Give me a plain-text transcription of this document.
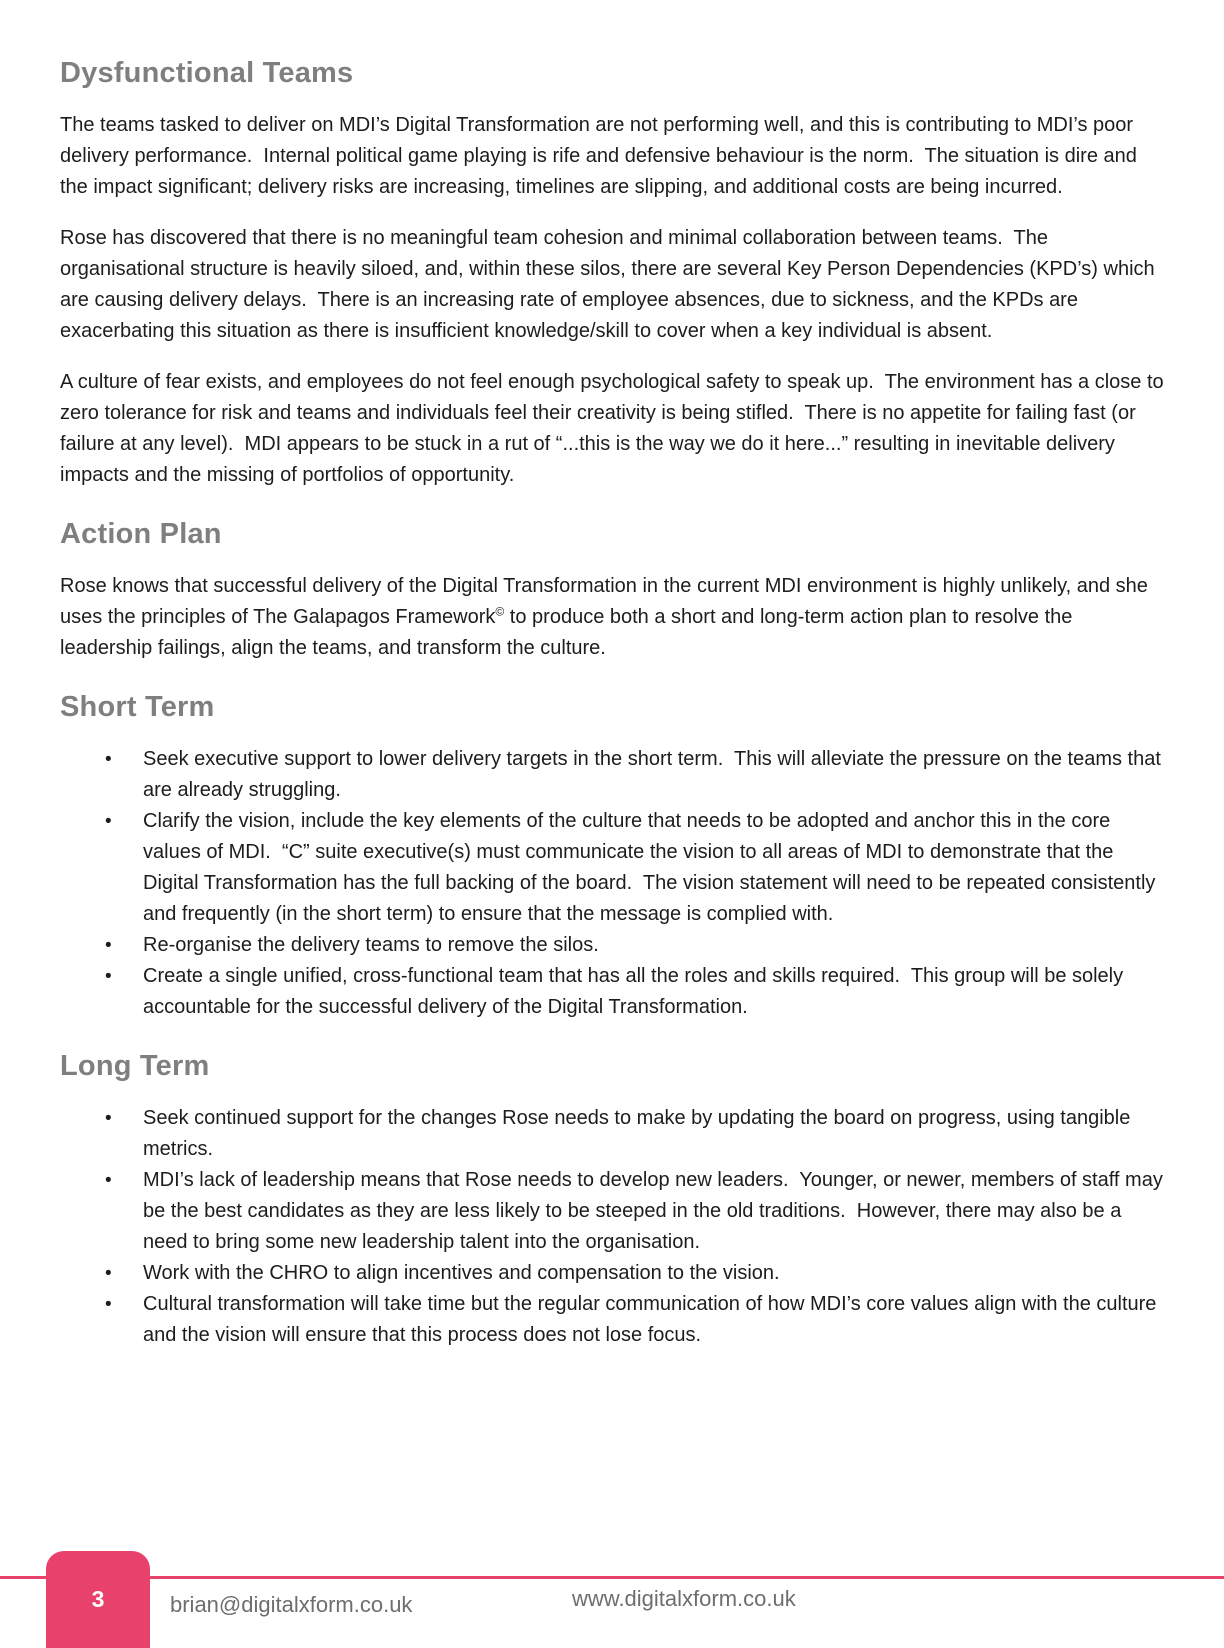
Dysfunctional Teams

The teams tasked to deliver on MDI’s Digital Transformation are not performing well, and this is contributing to MDI’s poor delivery performance.  Internal political game playing is rife and defensive behaviour is the norm.  The situation is dire and the impact significant; delivery risks are increasing, timelines are slipping, and additional costs are being incurred.

Rose has discovered that there is no meaningful team cohesion and minimal collaboration between teams.  The organisational structure is heavily siloed, and, within these silos, there are several Key Person Dependencies (KPD’s) which are causing delivery delays.  There is an increasing rate of employee absences, due to sickness, and the KPDs are exacerbating this situation as there is insufficient knowledge/skill to cover when a key individual is absent.

A culture of fear exists, and employees do not feel enough psychological safety to speak up.  The environment has a close to zero tolerance for risk and teams and individuals feel their creativity is being stifled.  There is no appetite for failing fast (or failure at any level).  MDI appears to be stuck in a rut of “...this is the way we do it here...” resulting in inevitable delivery impacts and the missing of portfolios of opportunity.

Action Plan

Rose knows that successful delivery of the Digital Transformation in the current MDI environment is highly unlikely, and she uses the principles of The Galapagos Framework© to produce both a short and long-term action plan to resolve the leadership failings, align the teams, and transform the culture.

Short Term
•	Seek executive support to lower delivery targets in the short term.  This will alleviate the pressure on the teams that are already struggling.
•	Clarify the vision, include the key elements of the culture that needs to be adopted and anchor this in the core values of MDI.  “C” suite executive(s) must communicate the vision to all areas of MDI to demonstrate that the Digital Transformation has the full backing of the board.  The vision statement will need to be repeated consistently and frequently (in the short term) to ensure that the message is complied with.
•	Re-organise the delivery teams to remove the silos.
•	Create a single unified, cross-functional team that has all the roles and skills required.  This group will be solely accountable for the successful delivery of the Digital Transformation.
Long Term
•	Seek continued support for the changes Rose needs to make by updating the board on progress, using tangible metrics.
•	MDI’s lack of leadership means that Rose needs to develop new leaders.  Younger, or newer, members of staff may be the best candidates as they are less likely to be steeped in the old traditions.  However, there may also be a need to bring some new leadership talent into the organisation.
•	Work with the CHRO to align incentives and compensation to the vision.
•	Cultural transformation will take time but the regular communication of how MDI’s core values align with the culture and the vision will ensure that this process does not lose focus.
3	brian@digitalxform.co.uk	www.digitalxform.co.uk
